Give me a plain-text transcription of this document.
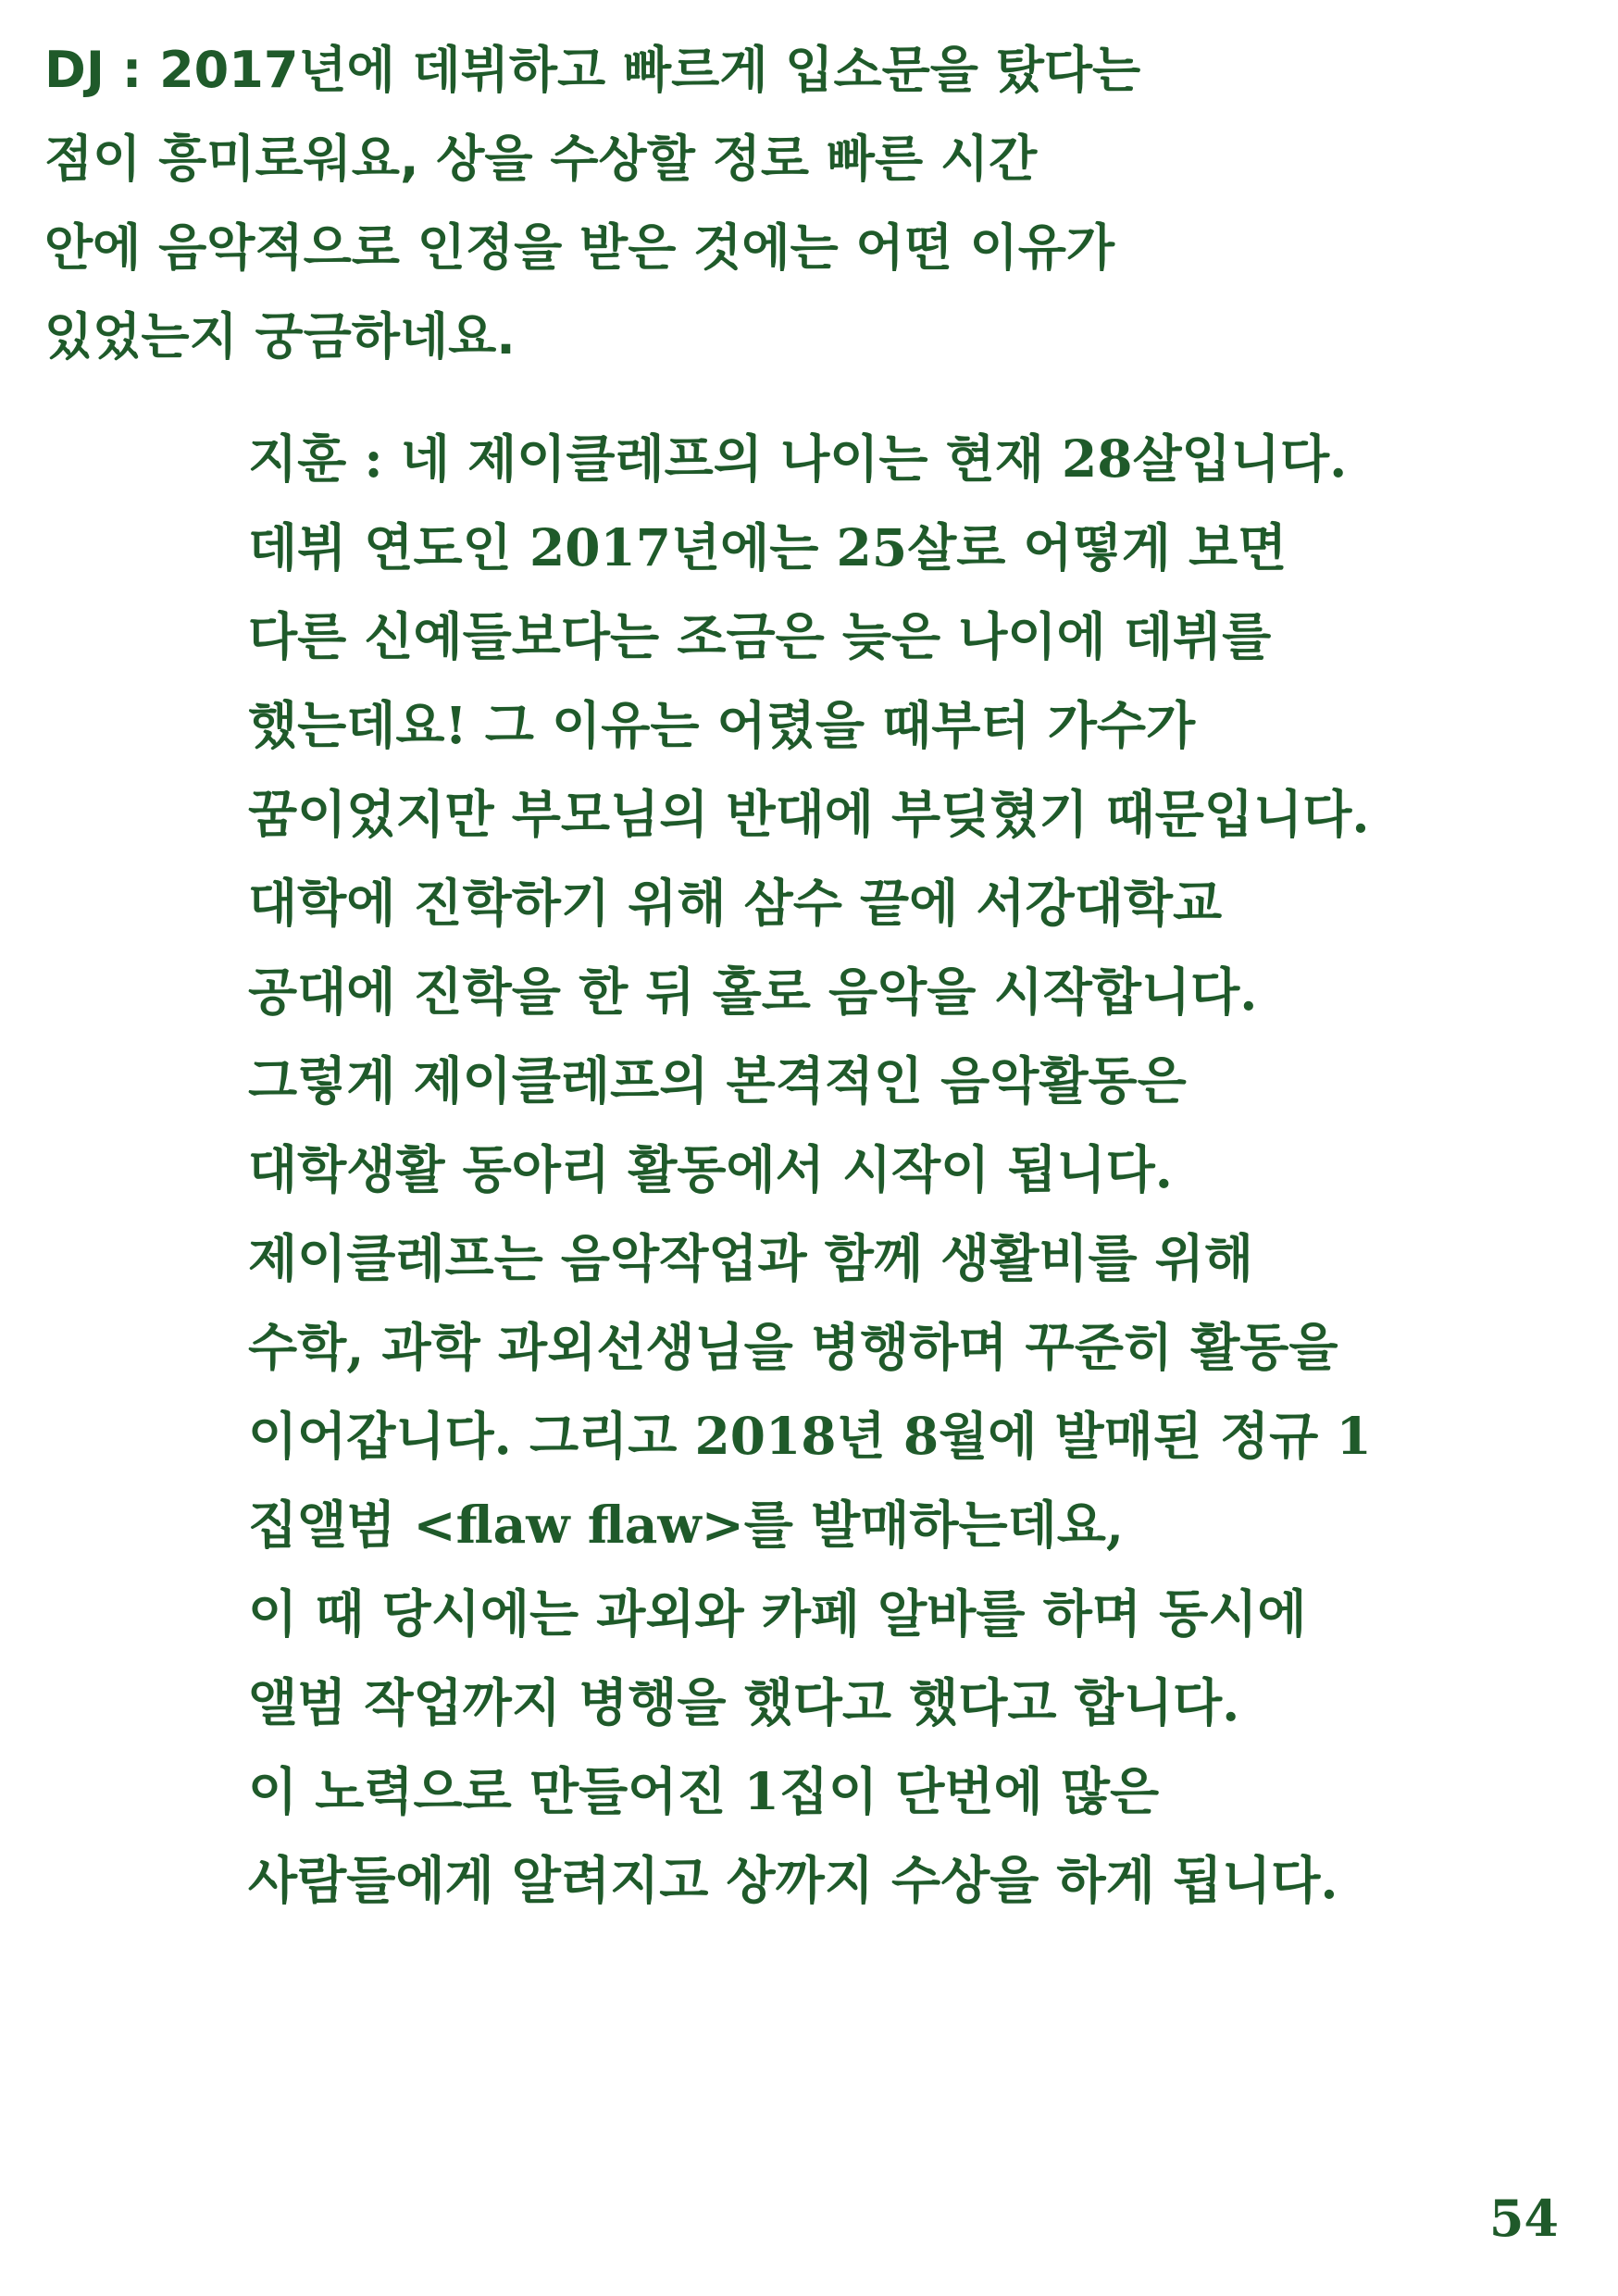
DJ : 2017년에 데뷔하고 빠르게 입소문을 탔다는
점이 흥미로워요, 상을 수상할 정로 빠른 시간
안에 음악적으로 인정을 받은 것에는 어떤 이유가
있었는지 궁금하네요.
지훈 : 네 제이클레프의 나이는 현재 28살입니다.
데뷔 연도인 2017년에는 25살로 어떻게 보면
다른 신예들보다는 조금은 늦은 나이에 데뷔를
했는데요! 그 이유는 어렸을 때부터 가수가
꿈이었지만 부모님의 반대에 부딪혔기 때문입니다.
대학에 진학하기 위해 삼수 끝에 서강대학교
공대에 진학을 한 뒤 홀로 음악을 시작합니다.
그렇게 제이클레프의 본격적인 음악활동은
대학생활 동아리 활동에서 시작이 됩니다.
제이클레프는 음악작업과 함께 생활비를 위해
수학, 과학 과외선생님을 병행하며 꾸준히 활동을
이어갑니다. 그리고 2018년 8월에 발매된 정규 1
집앨범 <flaw flaw>를 발매하는데요,
이 때 당시에는 과외와 카페 알바를 하며 동시에
앨범 작업까지 병행을 했다고 했다고 합니다.
이 노력으로 만들어진 1집이 단번에 많은
사람들에게 알려지고 상까지 수상을 하게 됩니다.
54
